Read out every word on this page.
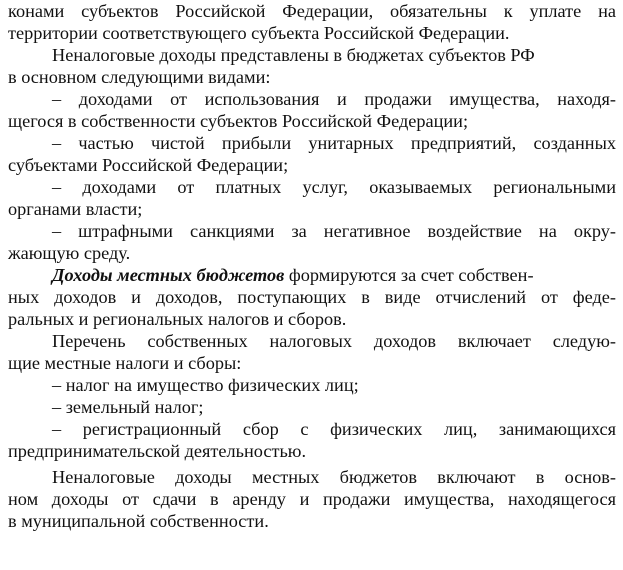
конами субъектов Российской Федерации, обязательны к уплате на
территории соответствующего субъекта Российской Федерации.
Неналоговые доходы представлены в бюджетах субъектов РФ
в основном следующими видами:
– доходами от использования и продажи имущества, находя-
щегося в собственности субъектов Российской Федерации;
– частью чистой прибыли унитарных предприятий, созданных
субъектами Российской Федерации;
– доходами от платных услуг, оказываемых региональными
органами власти;
– штрафными санкциями за негативное воздействие на окру-
жающую среду.
Доходы местных бюджетов формируются за счет собствен-
ных доходов и доходов, поступающих в виде отчислений от феде-
ральных и региональных налогов и сборов.
Перечень собственных налоговых доходов включает следую-
щие местные налоги и сборы:
– налог на имущество физических лиц;
– земельный налог;
– регистрационный сбор с физических лиц, занимающихся
предпринимательской деятельностью.
Неналоговые доходы местных бюджетов включают в основ-
ном доходы от сдачи в аренду и продажи имущества, находящегося
в муниципальной собственности.
